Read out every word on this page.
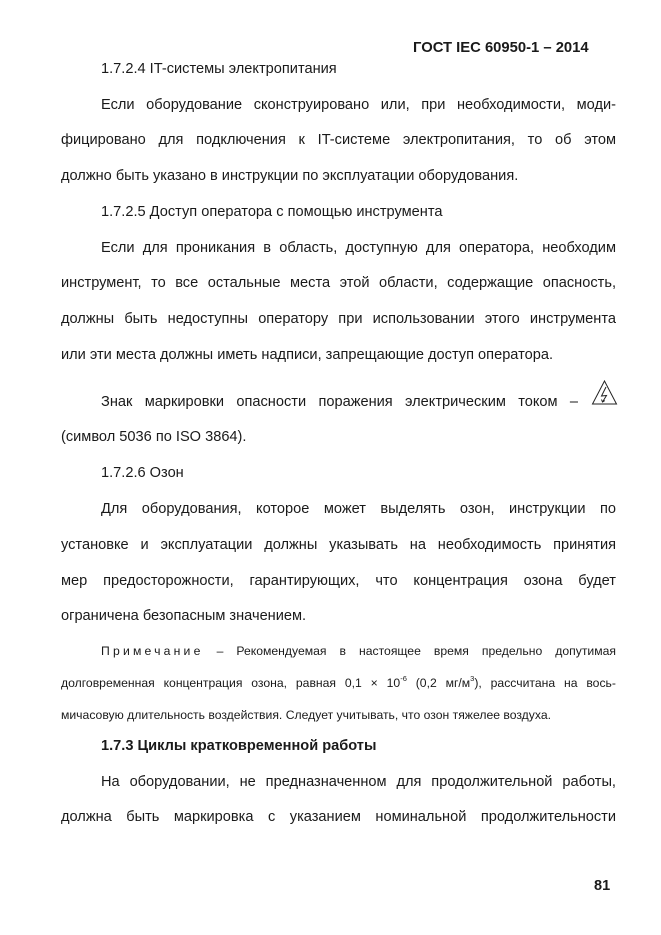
ГОСТ IEC 60950-1 – 2014
1.7.2.4 IT-системы электропитания
Если оборудование сконструировано или, при необходимости, моди-
фицировано для подключения к IT-системе электропитания, то об этом
должно быть указано в инструкции по эксплуатации оборудования.
1.7.2.5 Доступ оператора с помощью инструмента
Если для проникания в область, доступную для оператора, необходим
инструмент, то все остальные места этой области, содержащие опасность,
должны быть недоступны оператору при использовании этого инструмента
или эти места должны иметь надписи, запрещающие доступ оператора.
Знак маркировки опасности поражения электрическим током –
(символ 5036 по ISO 3864).
1.7.2.6 Озон
Для оборудования, которое может выделять озон, инструкции по
установке и эксплуатации должны указывать на необходимость принятия
мер предосторожности, гарантирующих, что концентрация озона будет
ограничена безопасным значением.
Примечание – Рекомендуемая в настоящее время предельно допутимая
долговременная концентрация озона, равная $0,1 \times 10^{-6}$ (0,2 $мг/м^3$), рассчитана на вось-
мичасовую длительность воздействия. Следует учитывать, что озон тяжелее воздуха.
1.7.3 Циклы кратковременной работы
На оборудовании, не предназначенном для продолжительной работы,
должна быть маркировка с указанием номинальной продолжительности
81
